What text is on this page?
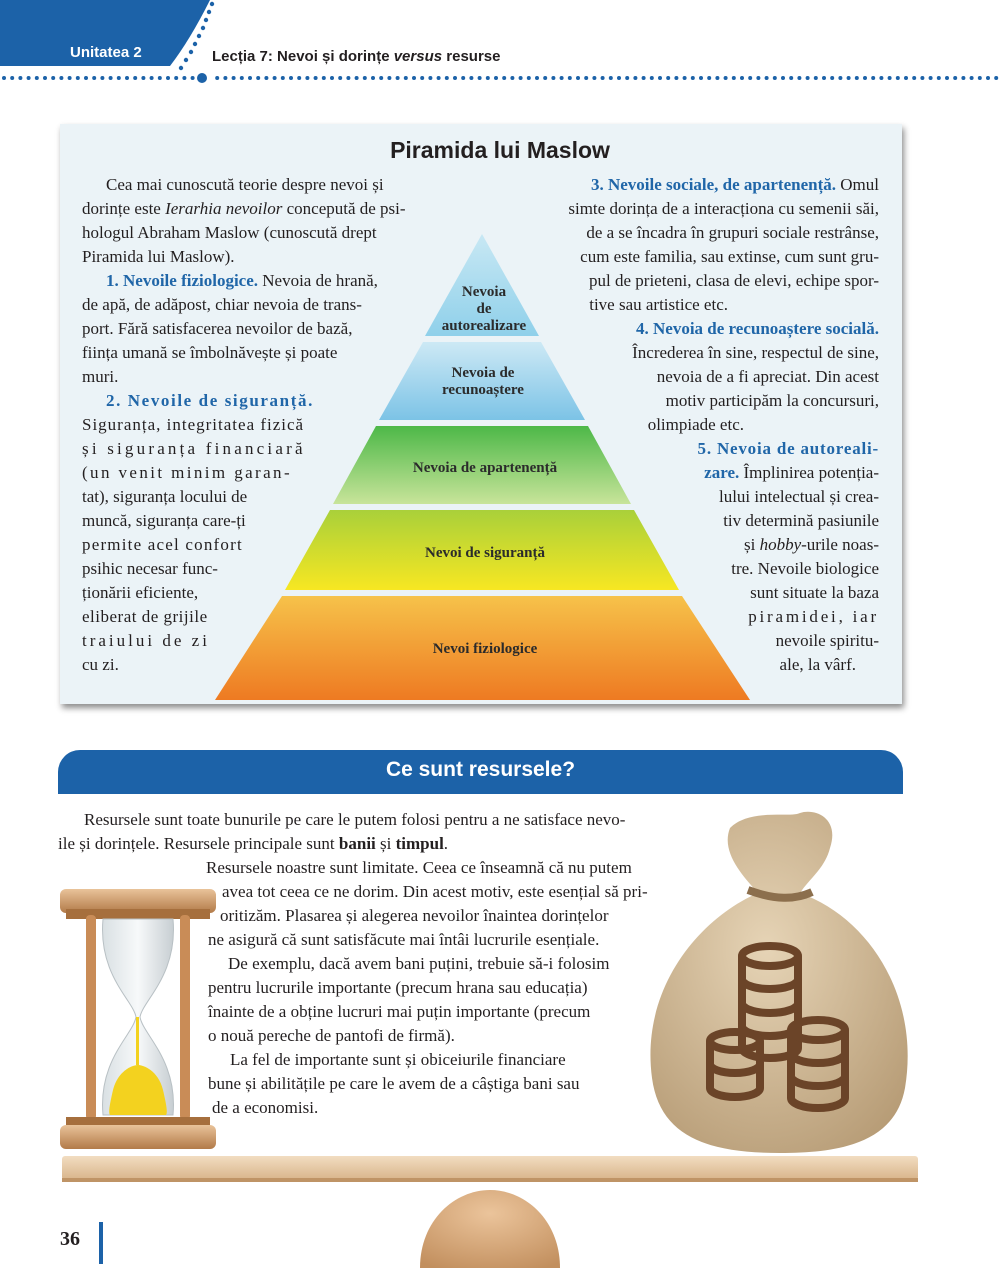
Unitatea 2	Lecția 7: Nevoi și dorințe versus resurse
Piramida lui Maslow
Nevoia
de
autorealizare
Nevoia de
recunoaștere
Nevoia de apartenență
Nevoi de siguranță
Nevoi fiziologice
Cea mai cunoscută teorie despre nevoi și
dorințe este Ierarhia nevoilor concepută de psi-
hologul Abraham Maslow (cunoscută drept
Piramida lui Maslow).
1. Nevoile fiziologice. Nevoia de hrană,
de apă, de adăpost, chiar nevoia de trans-
port. Fără satisfacerea nevoilor de bază,
ființa umană se îmbolnăvește și poate
muri.
2. Nevoile de siguranță.
Siguranța, integritatea fizică
și siguranța financiară
(un venit minim garan-
tat), siguranța locului de
muncă, siguranța care-ți
permite acel confort
psihic necesar func-
ționării eficiente,
eliberat de grijile
traiului de zi
cu zi.
3. Nevoile sociale, de apartenență. Omul
simte dorința de a interacționa cu semenii săi,
de a se încadra în grupuri sociale restrânse,
cum este familia, sau extinse, cum sunt gru-
pul de prieteni, clasa de elevi, echipe spor-
tive sau artistice etc.
4. Nevoia de recunoaștere socială.
Încrederea în sine, respectul de sine,
nevoia de a fi apreciat. Din acest
motiv participăm la concursuri,
olimpiade etc.
5. Nevoia de autoreali-
zare. Împlinirea potenția-
lului intelectual și crea-
tiv determină pasiunile
și hobby-urile noas-
tre. Nevoile biologice
sunt situate la baza
piramidei, iar
nevoile spiritu-
ale, la vârf.
Ce sunt resursele?
Resursele sunt toate bunurile pe care le putem folosi pentru a ne satisface nevo-
ile și dorințele. Resursele principale sunt banii și timpul.
Resursele noastre sunt limitate. Ceea ce înseamnă că nu putem
avea tot ceea ce ne dorim. Din acest motiv, este esențial să pri-
oritizăm. Plasarea și alegerea nevoilor înaintea dorințelor
ne asigură că sunt satisfăcute mai întâi lucrurile esențiale.
De exemplu, dacă avem bani puțini, trebuie să-i folosim
pentru lucrurile importante (precum hrana sau educația)
înainte de a obține lucruri mai puțin importante (precum
o nouă pereche de pantofi de firmă).
La fel de importante sunt și obiceiurile financiare
bune și abilitățile pe care le avem de a câștiga bani sau
de a economisi.
36
